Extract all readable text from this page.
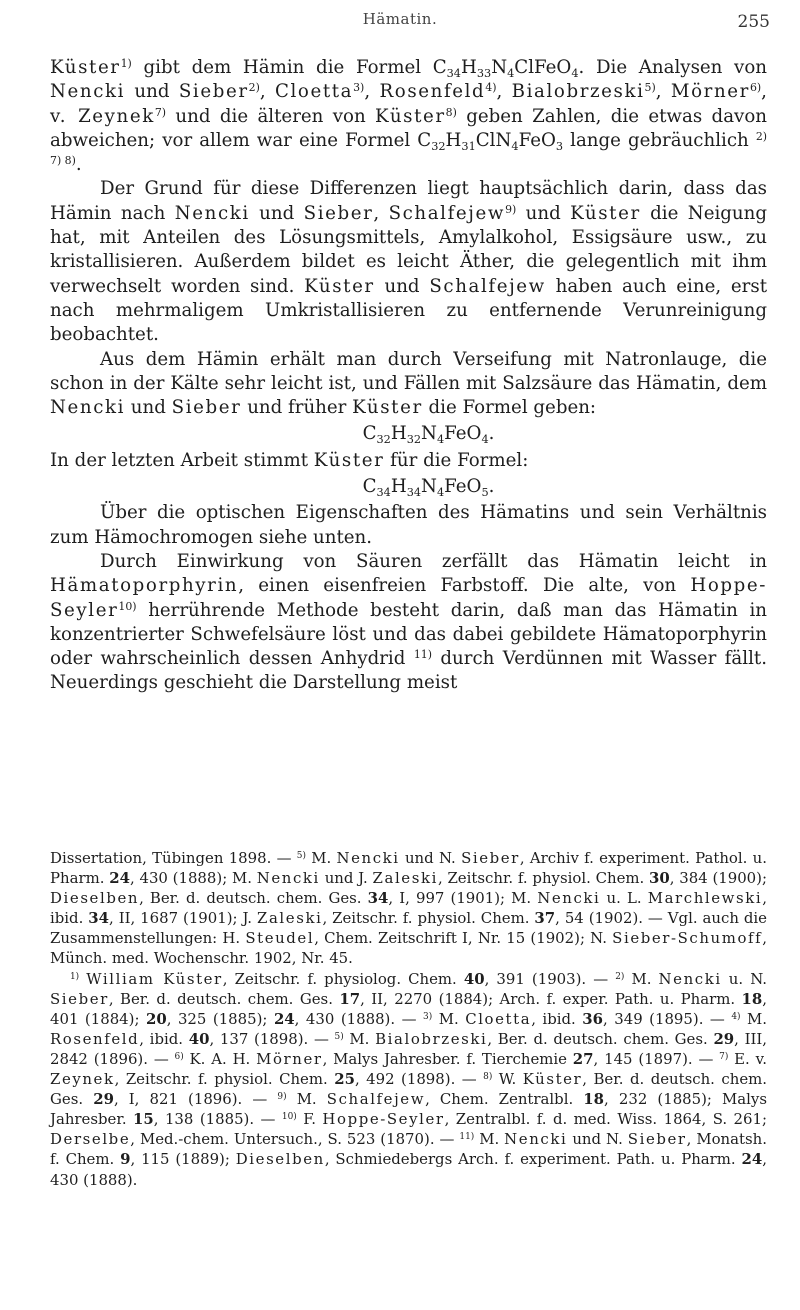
Hämatin.	255

Küster$^{1)}$ gibt dem Hämin die Formel $C_{34}H_{33}N_4ClFeO_4$. Die Analysen von Nencki und Sieber$^{2)}$, Cloetta$^{3)}$, Rosenfeld$^{4)}$, Bialobrzeski$^{5)}$, Mörner$^{6)}$, v. Zeynek$^{7)}$ und die älteren von Küster$^{8)}$ geben Zahlen, die etwas davon abweichen; vor allem war eine Formel $C_{32}H_{31}ClN_4FeO_3$ lange gebräuchlich $^{2) 7) 8)}$.

Der Grund für diese Differenzen liegt hauptsächlich darin, dass das Hämin nach Nencki und Sieber, Schalfejew$^{9)}$ und Küster die Neigung hat, mit Anteilen des Lösungsmittels, Amylalkohol, Essigsäure usw., zu kristallisieren. Außerdem bildet es leicht Äther, die gelegentlich mit ihm verwechselt worden sind. Küster und Schalfejew haben auch eine, erst nach mehrmaligem Umkristallisieren zu entfernende Verunreinigung beobachtet.

Aus dem Hämin erhält man durch Verseifung mit Natronlauge, die schon in der Kälte sehr leicht ist, und Fällen mit Salzsäure das Hämatin, dem Nencki und Sieber und früher Küster die Formel geben:

$C_{32}H_{32}N_4FeO_4$.

In der letzten Arbeit stimmt Küster für die Formel:

$C_{34}H_{34}N_4FeO_5$.

Über die optischen Eigenschaften des Hämatins und sein Verhältnis zum Hämochromogen siehe unten.

Durch Einwirkung von Säuren zerfällt das Hämatin leicht in Hämatoporphyrin, einen eisenfreien Farbstoff. Die alte, von Hoppe-Seyler$^{10)}$ herrührende Methode besteht darin, daß man das Hämatin in konzentrierter Schwefelsäure löst und das dabei gebildete Hämatoporphyrin oder wahrscheinlich dessen Anhydrid $^{11)}$ durch Verdünnen mit Wasser fällt. Neuerdings geschieht die Darstellung meist

Dissertation, Tübingen 1898. — $^{5)}$ M. Nencki und N. Sieber, Archiv f. experiment. Pathol. u. Pharm. 24, 430 (1888); M. Nencki und J. Zaleski, Zeitschr. f. physiol. Chem. 30, 384 (1900); Dieselben, Ber. d. deutsch. chem. Ges. 34, I, 997 (1901); M. Nencki u. L. Marchlewski, ibid. 34, II, 1687 (1901); J. Zaleski, Zeitschr. f. physiol. Chem. 37, 54 (1902). — Vgl. auch die Zusammenstellungen: H. Steudel, Chem. Zeitschrift I, Nr. 15 (1902); N. Sieber-Schumoff, Münch. med. Wochenschr. 1902, Nr. 45.

$^{1)}$ William Küster, Zeitschr. f. physiolog. Chem. 40, 391 (1903). — $^{2)}$ M. Nencki u. N. Sieber, Ber. d. deutsch. chem. Ges. 17, II, 2270 (1884); Arch. f. exper. Path. u. Pharm. 18, 401 (1884); 20, 325 (1885); 24, 430 (1888). — $^{3)}$ M. Cloetta, ibid. 36, 349 (1895). — $^{4)}$ M. Rosenfeld, ibid. 40, 137 (1898). — $^{5)}$ M. Bialobrzeski, Ber. d. deutsch. chem. Ges. 29, III, 2842 (1896). — $^{6)}$ K. A. H. Mörner, Malys Jahresber. f. Tierchemie 27, 145 (1897). — $^{7)}$ E. v. Zeynek, Zeitschr. f. physiol. Chem. 25, 492 (1898). — $^{8)}$ W. Küster, Ber. d. deutsch. chem. Ges. 29, I, 821 (1896). — $^{9)}$ M. Schalfejew, Chem. Zentralbl. 18, 232 (1885); Malys Jahresber. 15, 138 (1885). — $^{10)}$ F. Hoppe-Seyler, Zentralbl. f. d. med. Wiss. 1864, S. 261; Derselbe, Med.-chem. Untersuch., S. 523 (1870). — $^{11)}$ M. Nencki und N. Sieber, Monatsh. f. Chem. 9, 115 (1889); Dieselben, Schmiedebergs Arch. f. experiment. Path. u. Pharm. 24, 430 (1888).
